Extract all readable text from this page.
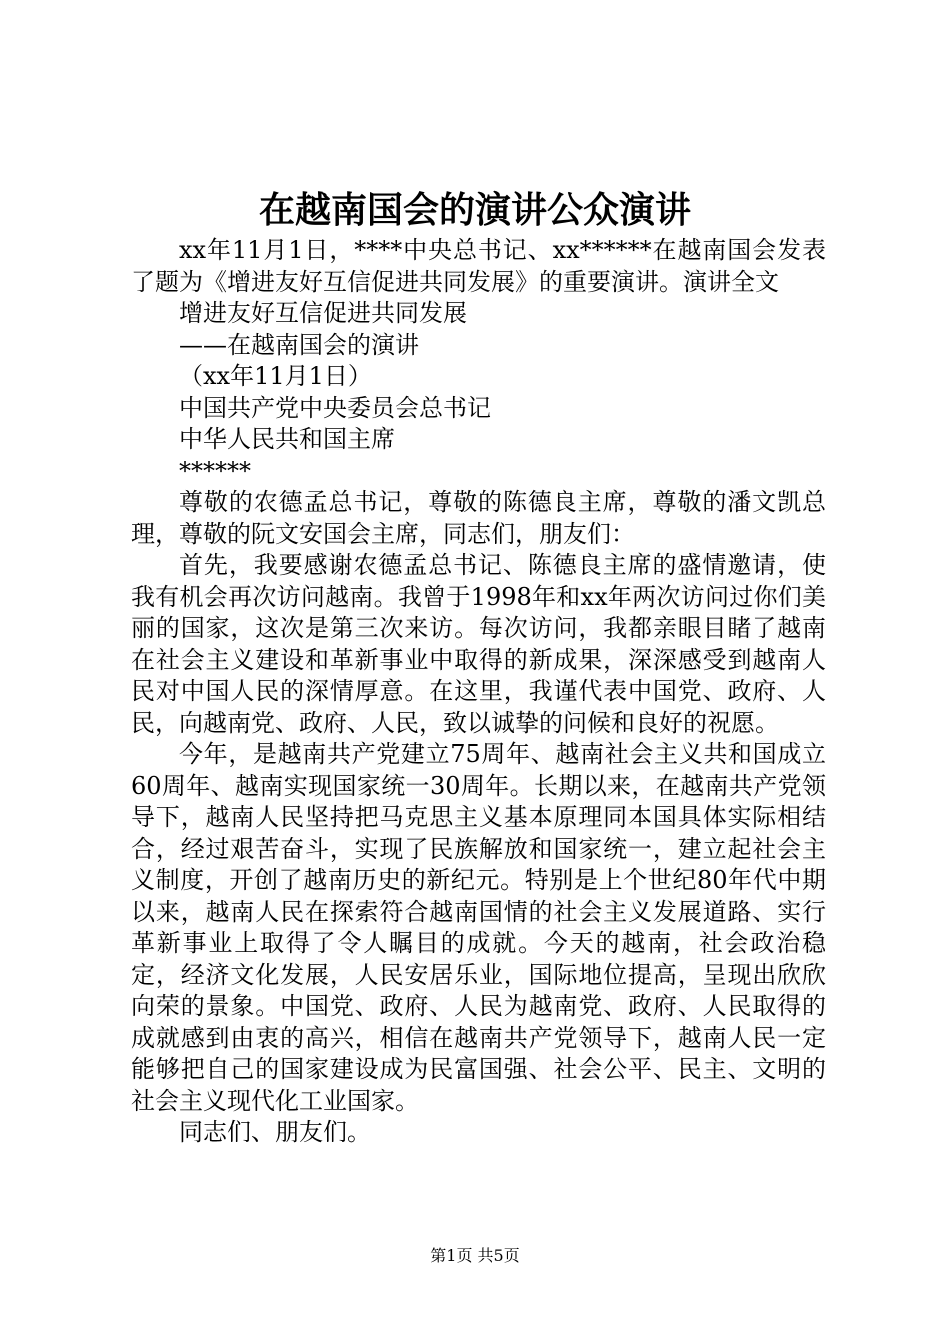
在越南国会的演讲公众演讲

xx年11月1日，****中央总书记、xx******在越南国会发表了题为《增进友好互信促进共同发展》的重要演讲。演讲全文

增进友好互信促进共同发展

——在越南国会的演讲

（xx年11月1日）

中国共产党中央委员会总书记

中华人民共和国主席

******

尊敬的农德孟总书记，尊敬的陈德良主席，尊敬的潘文凯总理，尊敬的阮文安国会主席，同志们，朋友们：

首先，我要感谢农德孟总书记、陈德良主席的盛情邀请，使我有机会再次访问越南。我曾于1998年和xx年两次访问过你们美丽的国家，这次是第三次来访。每次访问，我都亲眼目睹了越南在社会主义建设和革新事业中取得的新成果，深深感受到越南人民对中国人民的深情厚意。在这里，我谨代表中国党、政府、人民，向越南党、政府、人民，致以诚挚的问候和良好的祝愿。

今年，是越南共产党建立75周年、越南社会主义共和国成立60周年、越南实现国家统一30周年。长期以来，在越南共产党领导下，越南人民坚持把马克思主义基本原理同本国具体实际相结合，经过艰苦奋斗，实现了民族解放和国家统一，建立起社会主义制度，开创了越南历史的新纪元。特别是上个世纪80年代中期以来，越南人民在探索符合越南国情的社会主义发展道路、实行革新事业上取得了令人瞩目的成就。今天的越南，社会政治稳定，经济文化发展，人民安居乐业，国际地位提高，呈现出欣欣向荣的景象。中国党、政府、人民为越南党、政府、人民取得的成就感到由衷的高兴，相信在越南共产党领导下，越南人民一定能够把自己的国家建设成为民富国强、社会公平、民主、文明的社会主义现代化工业国家。

同志们、朋友们。

第1页 共5页
